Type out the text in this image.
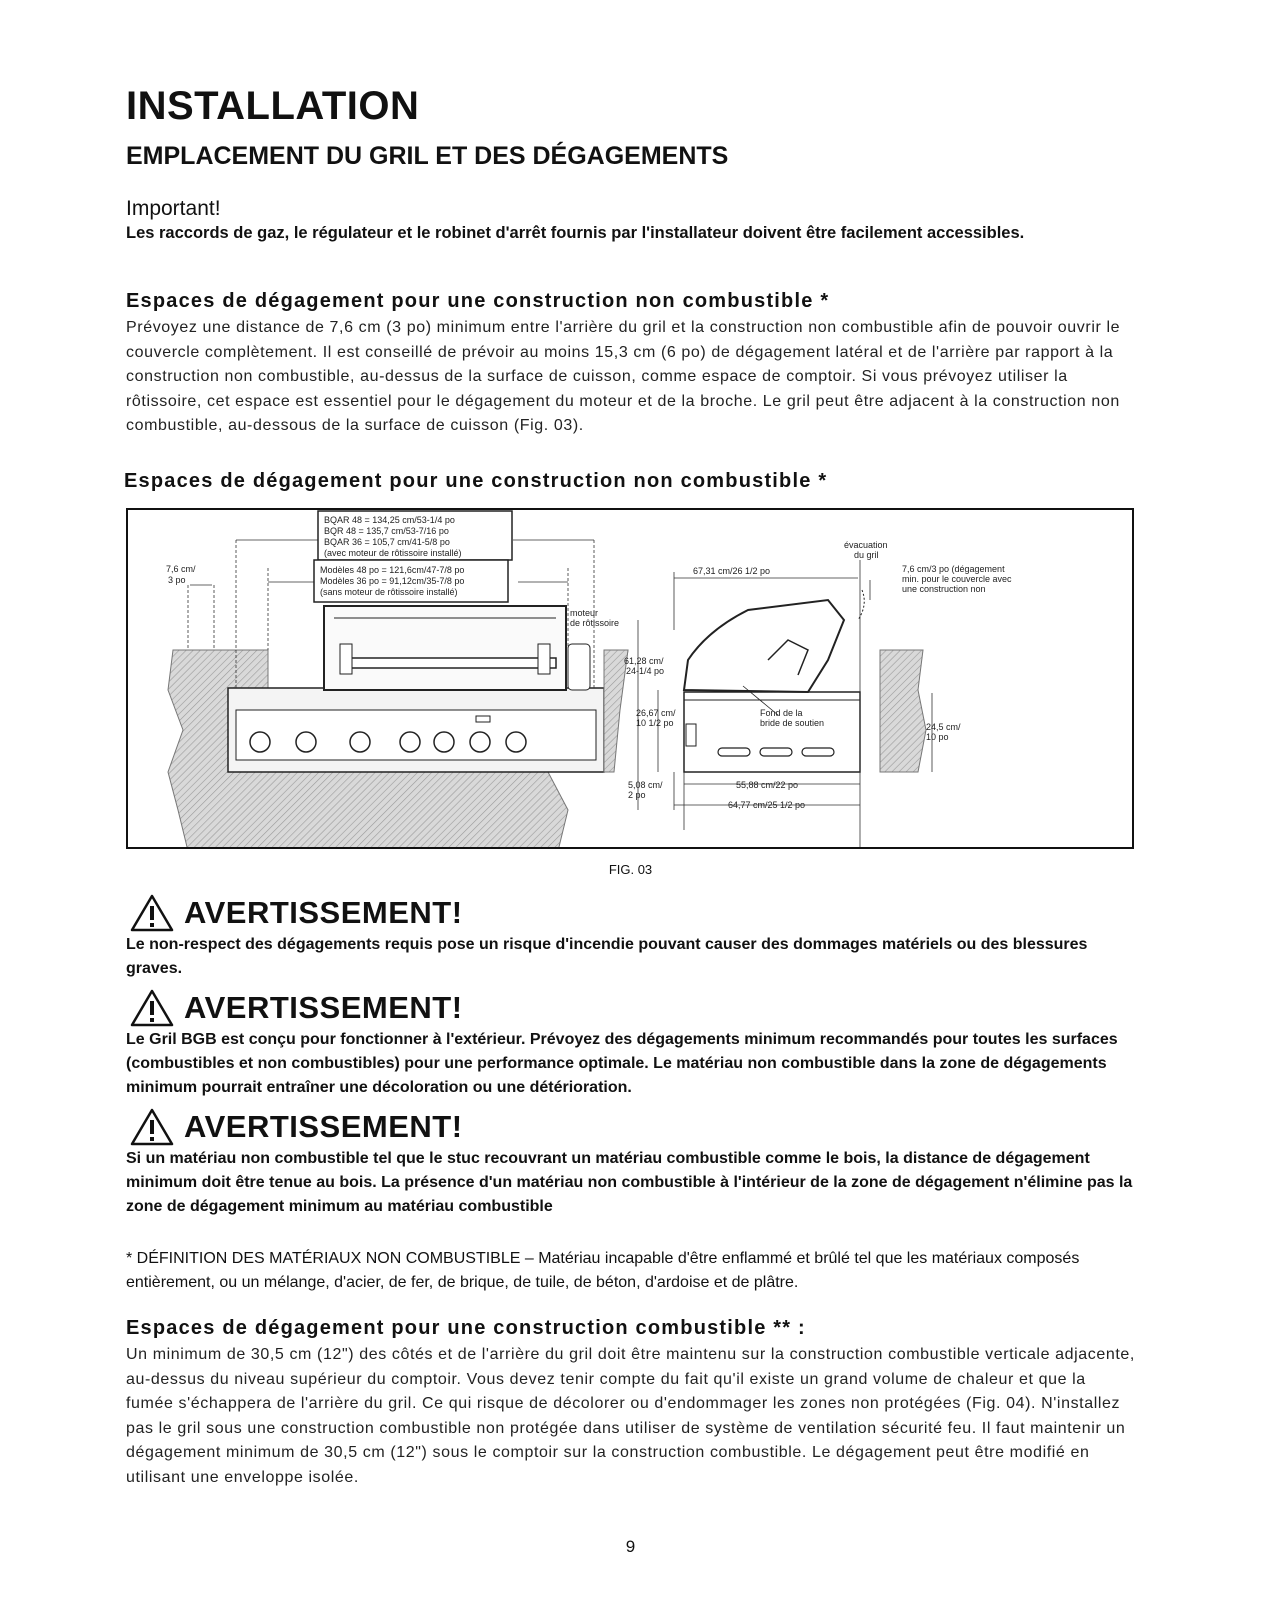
INSTALLATION
EMPLACEMENT DU GRIL ET DES DÉGAGEMENTS
Important!
Les raccords de gaz, le régulateur et le robinet d'arrêt fournis par l'installateur doivent être facilement accessibles.
Espaces de dégagement pour une construction non combustible *
Prévoyez une distance de 7,6 cm (3 po) minimum entre l'arrière du gril et la construction non combustible afin de pouvoir ouvrir le couvercle complètement. Il est conseillé de prévoir au moins 15,3 cm (6 po) de dégagement latéral et de l'arrière par rapport à la construction non combustible, au-dessus de la surface de cuisson, comme espace de comptoir. Si vous prévoyez utiliser la rôtissoire, cet espace est essentiel pour le dégagement du moteur et de la broche. Le gril peut être adjacent à la construction non combustible, au-dessous de la surface de cuisson (Fig. 03).
Espaces de dégagement pour une construction non combustible *
BQAR 48 = 134,25 cm/53-1/4 po
BQR 48 = 135,7 cm/53-7/16 po
BQAR 36 = 105,7 cm/41-5/8 po
(avec moteur de rôtissoire installé)
Modèles 48 po = 121,6cm/47-7/8 po
Modèles 36 po = 91,12cm/35-7/8 po
(sans moteur de rôtissoire installé)
7,6 cm/
3 po
moteur
de rôtissoire
67,31 cm/26 1/2 po
évacuation
du gril
7,6 cm/3 po (dégagement
min. pour le couvercle avec
une construction non
61,28 cm/
24-1/4 po
26,67 cm/
10 1/2 po
Fond de la
bride de soutien	24,5 cm/
10 po
5,08 cm/
2 po
55,88 cm/22 po
64,77 cm/25 1/2 po
FIG. 03
AVERTISSEMENT!
Le non-respect des dégagements requis pose un risque d'incendie pouvant causer des dommages matériels ou des blessures graves.
AVERTISSEMENT!
Le Gril BGB est conçu pour fonctionner à l'extérieur. Prévoyez des dégagements minimum recommandés pour toutes les surfaces (combustibles et non combustibles) pour une performance optimale. Le matériau non combustible dans la zone de dégagements minimum pourrait entraîner une décoloration ou une détérioration.
AVERTISSEMENT!
Si un matériau non combustible tel que le stuc recouvrant un matériau combustible comme le bois, la distance de dégagement minimum doit être tenue au bois. La présence d'un matériau non combustible à l'intérieur de la zone de dégagement n'élimine pas la zone de dégagement minimum au matériau combustible
* DÉFINITION DES MATÉRIAUX NON COMBUSTIBLE – Matériau incapable d'être enflammé et brûlé tel que les matériaux composés entièrement, ou un mélange, d'acier, de fer, de brique, de tuile, de béton, d'ardoise et de plâtre.
Espaces de dégagement pour une construction combustible ** :
Un minimum de 30,5 cm (12") des côtés et de l'arrière du gril doit être maintenu sur la construction combustible verticale adjacente, au-dessus du niveau supérieur du comptoir. Vous devez tenir compte du fait qu'il existe un grand volume de chaleur et que la fumée s'échappera de l'arrière du gril. Ce qui risque de décolorer ou d'endommager les zones non protégées (Fig. 04). N'installez pas le gril sous une construction combustible non protégée dans utiliser de système de ventilation sécurité feu. Il faut maintenir un dégagement minimum de 30,5 cm (12") sous le comptoir sur la construction combustible. Le dégagement peut être modifié en utilisant une enveloppe isolée.
9
